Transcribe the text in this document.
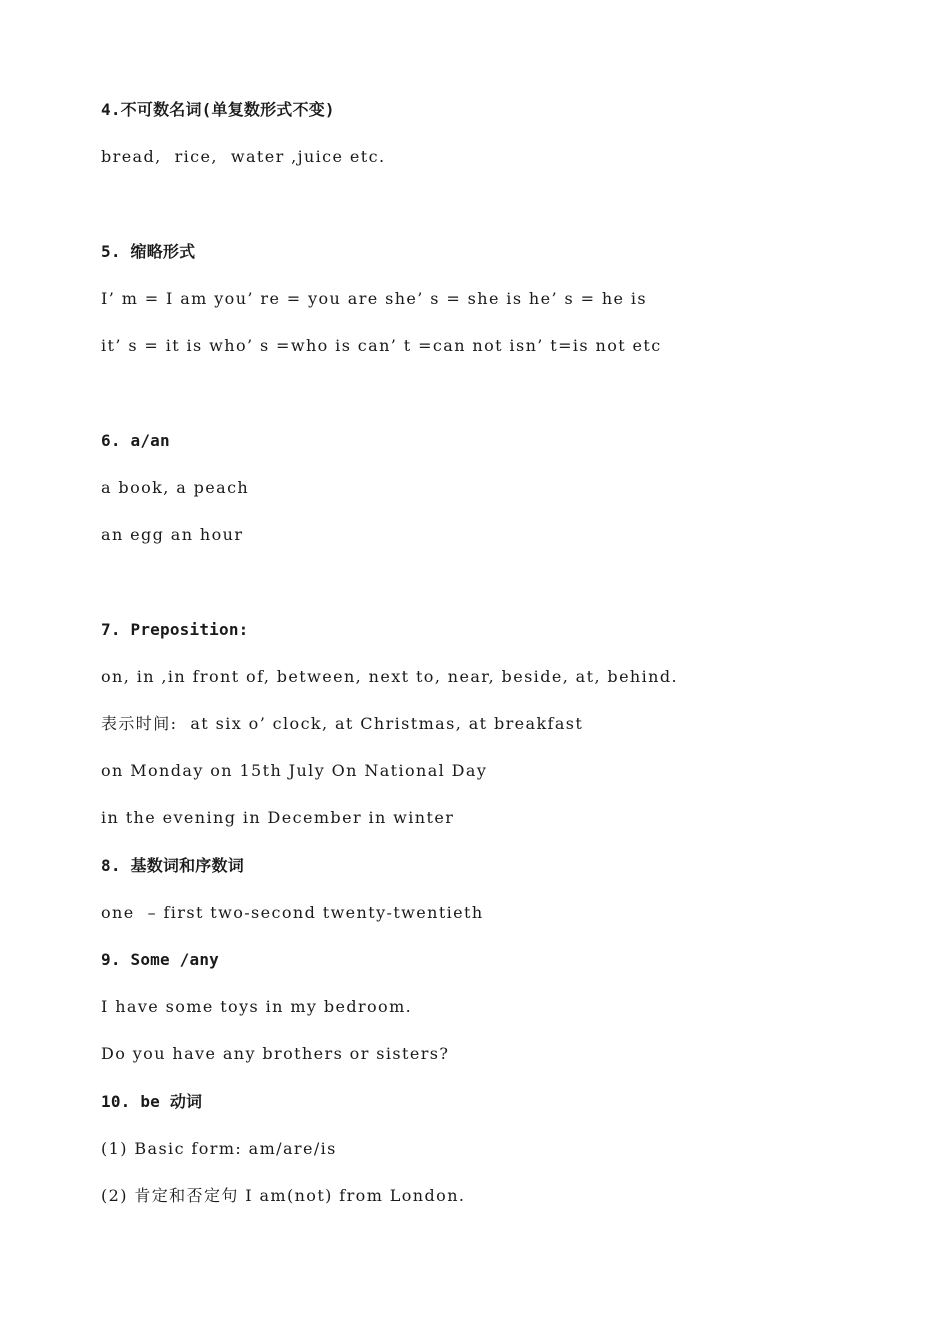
4.不可数名词(单复数形式不变)
bread,  rice,  water ,juice etc.
5. 缩略形式
I’ m = I am you’ re = you are she’ s = she is he’ s = he is
it’ s = it is who’ s =who is can’ t =can not isn’ t=is not etc
6. a/an
a book, a peach
an egg an hour
7. Preposition:
on, in ,in front of, between, next to, near, beside, at, behind.
表示时间:  at six o’ clock, at Christmas, at breakfast
on Monday on 15th July On National Day
in the evening in December in winter
8. 基数词和序数词
one  – first two-second twenty-twentieth
9. Some /any
I have some toys in my bedroom.
Do you have any brothers or sisters?
10. be 动词
(1) Basic form: am/are/is
(2) 肯定和否定句 I am(not) from London.
